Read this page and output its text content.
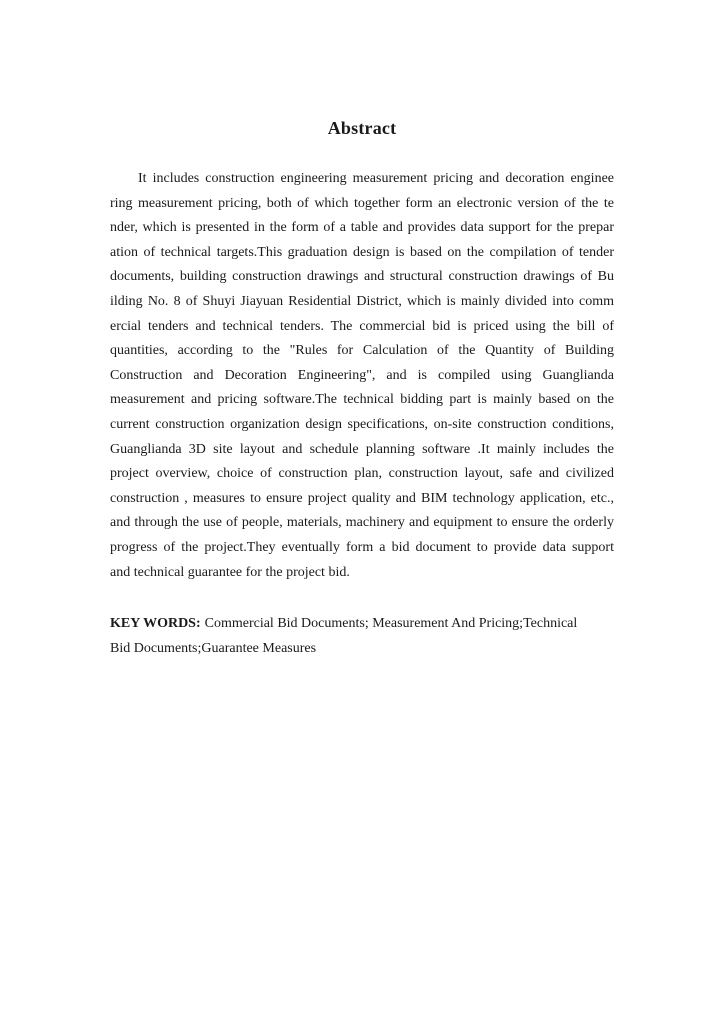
Abstract
It includes construction engineering measurement pricing and decoration enginee
ring measurement pricing, both of which together form an electronic version of the te
nder, which is presented in the form of a table and provides data support for the prepar
ation of technical targets.This graduation design is based on the compilation of tender
documents, building construction drawings and structural construction drawings of Bu
ilding No. 8 of Shuyi Jiayuan Residential District, which is mainly divided into comm
ercial tenders and technical tenders. The commercial bid is priced using the bill of
quantities, according to the "Rules for Calculation of the Quantity of Building
Construction and Decoration Engineering", and is compiled using Guanglianda
measurement and pricing software.The technical bidding part is mainly based on the
current construction organization design specifications, on-site construction conditions,
Guanglianda 3D site layout and schedule planning software .It mainly includes the
project overview, choice of construction plan, construction layout, safe and civilized
construction , measures to ensure project quality and BIM technology application, etc.,
and through the use of people, materials, machinery and equipment to ensure the orderly
progress of the project.They eventually form a bid document to provide data support
and technical guarantee for the project bid.
KEY WORDS: Commercial Bid Documents; Measurement And Pricing;Technical
Bid Documents;Guarantee Measures
